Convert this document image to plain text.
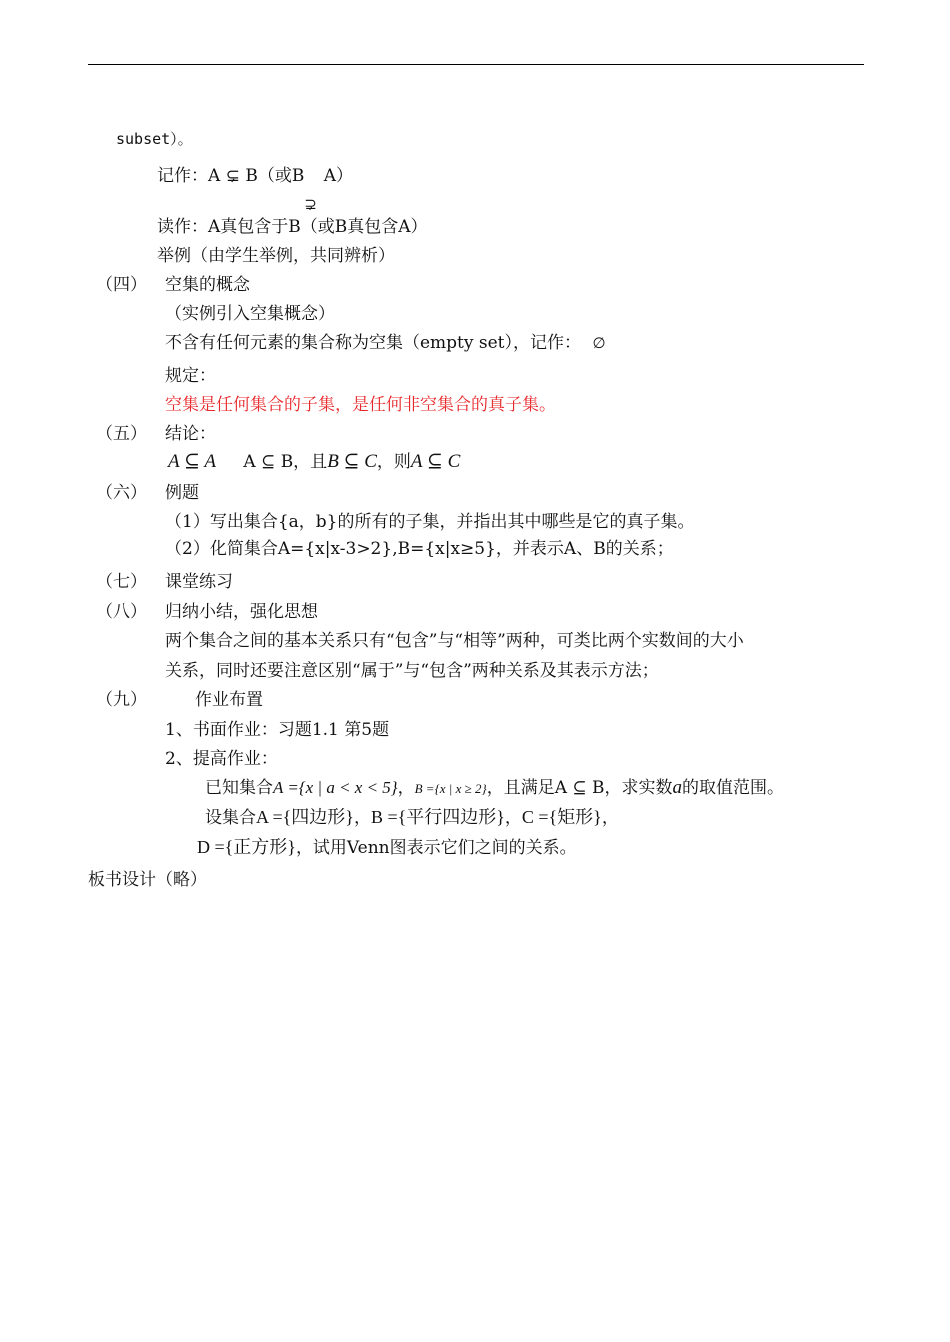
subset）。
记作：A ⊊ B（或B
⊋
A）
读作：A真包含于B（或B真包含A）
举例（由学生举例，共同辨析）
（四） 空集的概念
（实例引入空集概念）
不含有任何元素的集合称为空集（empty set），记作： ∅
规定：
空集是任何集合的子集，是任何非空集合的真子集。
（五） 结论：
A ⊆ A A ⊆ B，且B ⊆ C，则A ⊆ C
（六） 例题
（1）写出集合{a，b}的所有的子集，并指出其中哪些是它的真子集。
（2）化简集合A={x|x-3>2},B={x|x≥5}，并表示A、B的关系；
（七） 课堂练习
（八） 归纳小结，强化思想
两个集合之间的基本关系只有“包含”与“相等”两种，可类比两个实数间的大小
关系，同时还要注意区别“属于”与“包含”两种关系及其表示方法；
（九）	作业布置
1、书面作业：习题1.1 第5题
2、提高作业：
已知集合A ={x | a < x < 5}，B ={x | x ≥ 2}，且满足A ⊆ B，求实数a的取值范围。
设集合A ={四边形}，B ={平行四边形}，C ={矩形}，
D ={正方形}，试用Venn图表示它们之间的关系。
板书设计（略）
